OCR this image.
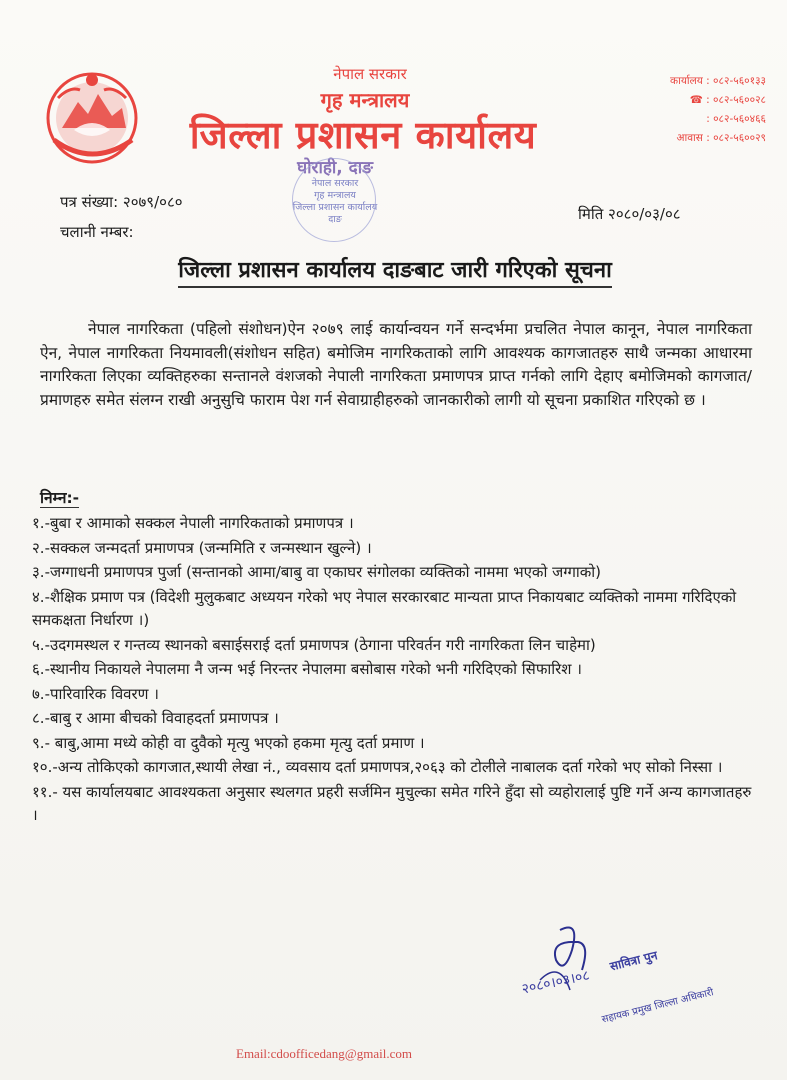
नेपाल सरकार
गृह मन्त्रालय
जिल्ला प्रशासन कार्यालय
कार्यालय : ०८२-५६०१३३
☎ : ०८२-५६००२८
: ०८२-५६०४६६
आवास : ०८२-५६००२९
घोराही, दाङ
नेपाल सरकार
गृह मन्त्रालय
जिल्ला प्रशासन कार्यालय
दाङ
पत्र संख्या: २०७९/०८०
चलानी नम्बर:
मिति २०८०/०३/०८
जिल्ला प्रशासन कार्यालय दाङबाट जारी गरिएको सूचना
नेपाल नागरिकता (पहिलो संशोधन)ऐन २०७९ लाई कार्यान्वयन गर्ने सन्दर्भमा प्रचलित नेपाल कानून, नेपाल नागरिकता ऐन, नेपाल नागरिकता नियमावली(संशोधन सहित) बमोजिम नागरिकताको लागि आवश्यक कागजातहरु साथै जन्मका आधारमा नागरिकता लिएका व्यक्तिहरुका सन्तानले वंशजको नेपाली नागरिकता प्रमाणपत्र प्राप्त गर्नको लागि देहाए बमोजिमको कागजात/प्रमाणहरु समेत संलग्न राखी अनुसुचि फाराम पेश गर्न सेवाग्राहीहरुको जानकारीको लागी यो सूचना प्रकाशित गरिएको छ ।
निम्न:-
१.-बुबा र आमाको सक्कल नेपाली नागरिकताको प्रमाणपत्र ।
२.-सक्कल जन्मदर्ता प्रमाणपत्र (जन्ममिति र जन्मस्थान खुल्ने) ।
३.-जग्गाधनी प्रमाणपत्र पुर्जा (सन्तानको आमा/बाबु वा एकाघर संगोलका व्यक्तिको नाममा भएको जग्गाको)
४.-शैक्षिक प्रमाण पत्र (विदेशी मुलुकबाट अध्ययन गरेको भए नेपाल सरकारबाट मान्यता प्राप्त निकायबाट व्यक्तिको नाममा गरिदिएको समकक्षता निर्धारण ।)
५.-उदगमस्थल र गन्तव्य स्थानको बसाईसराई दर्ता प्रमाणपत्र (ठेगाना परिवर्तन गरी नागरिकता लिन चाहेमा)
६.-स्थानीय निकायले नेपालमा नै जन्म भई निरन्तर नेपालमा बसोबास गरेको भनी गरिदिएको सिफारिश ।
७.-पारिवारिक विवरण ।
८.-बाबु र आमा बीचको विवाहदर्ता प्रमाणपत्र ।
९.- बाबु,आमा मध्ये कोही वा दुवैको मृत्यु भएको हकमा मृत्यु दर्ता प्रमाण ।
१०.-अन्य तोकिएको कागजात,स्थायी लेखा नं., व्यवसाय दर्ता प्रमाणपत्र,२०६३ को टोलीले नाबालक दर्ता गरेको भए सोको निस्सा ।
११.- यस कार्यालयबाट आवश्यकता अनुसार स्थलगत प्रहरी सर्जमिन मुचुल्का समेत गरिने हुँदा सो व्यहोरालाई पुष्टि गर्ने अन्य कागजातहरु ।
२०८०।०३।०८
सावित्रा पुन
सहायक प्रमुख जिल्ला अधिकारी
Email:cdoofficedang@gmail.com
